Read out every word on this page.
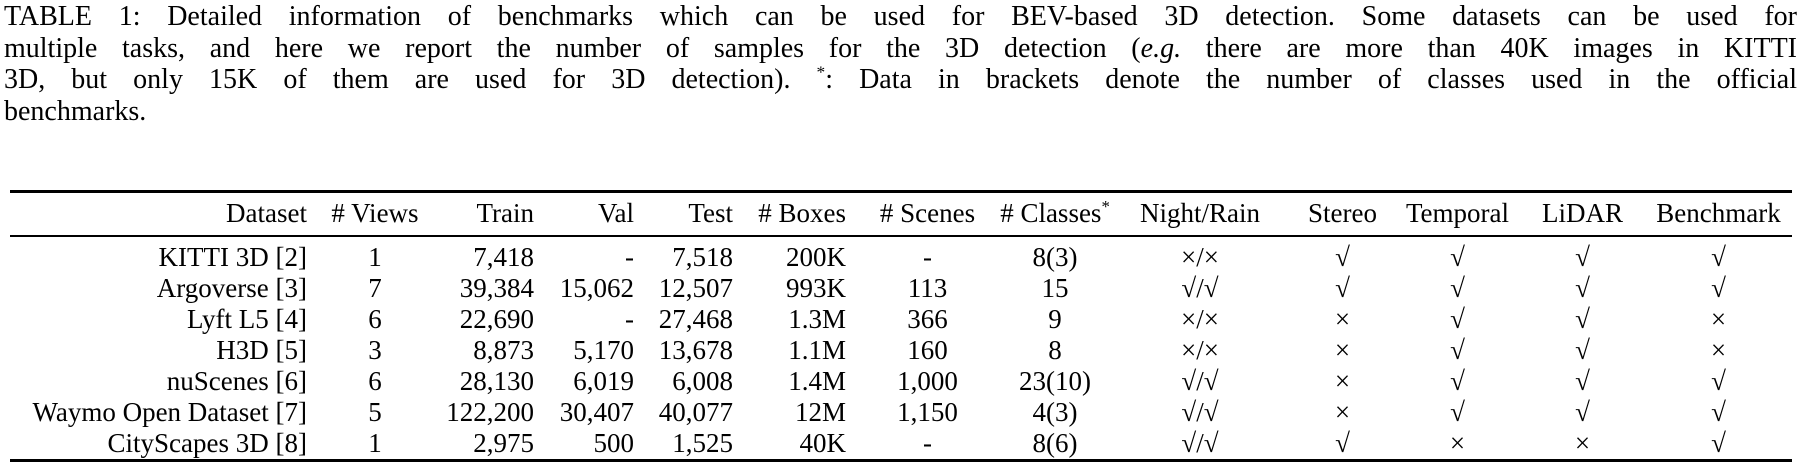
TABLE 1: Detailed information of benchmarks which can be used for BEV-based 3D detection. Some datasets can be used for
multiple tasks, and here we report the number of samples for the 3D detection (e.g. there are more than 40K images in KITTI
3D, but only 15K of them are used for 3D detection). *: Data in brackets denote the number of classes used in the official
benchmarks.
Dataset	# Views	Train	Val	Test	# Boxes	# Scenes	# Classes*	Night/Rain	Stereo	Temporal	LiDAR	Benchmark
KITTI 3D [2]	1	7,418	-	7,518	200K	-	8(3)	×/×	√	√	√	√
Argoverse [3]	7	39,384	15,062	12,507	993K	113	15	√/√	√	√	√	√
Lyft L5 [4]	6	22,690	-	27,468	1.3M	366	9	×/×	×	√	√	×
H3D [5]	3	8,873	5,170	13,678	1.1M	160	8	×/×	×	√	√	×
nuScenes [6]	6	28,130	6,019	6,008	1.4M	1,000	23(10)	√/√	×	√	√	√
Waymo Open Dataset [7]	5	122,200	30,407	40,077	12M	1,150	4(3)	√/√	×	√	√	√
CityScapes 3D [8]	1	2,975	500	1,525	40K	-	8(6)	√/√	√	×	×	√
